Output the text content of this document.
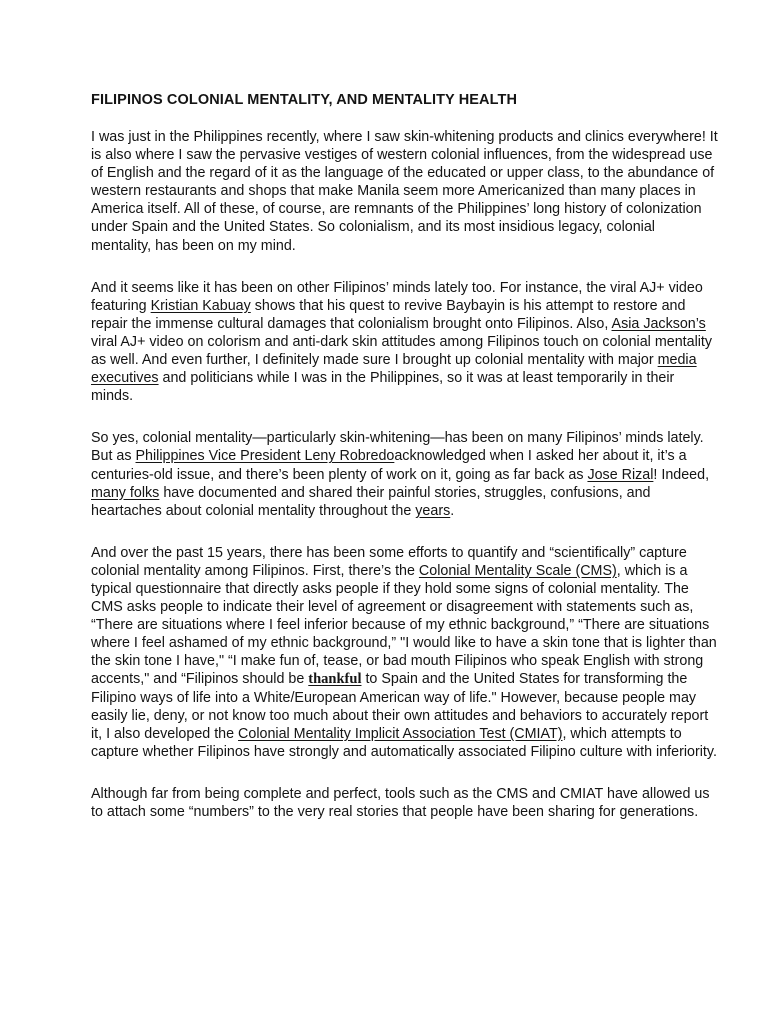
FILIPINOS COLONIAL MENTALITY, AND MENTALITY HEALTH

I was just in the Philippines recently, where I saw skin-whitening products and clinics everywhere! It is also where I saw the pervasive vestiges of western colonial influences, from the widespread use of English and the regard of it as the language of the educated or upper class, to the abundance of western restaurants and shops that make Manila seem more Americanized than many places in America itself. All of these, of course, are remnants of the Philippines’ long history of colonization under Spain and the United States. So colonialism, and its most insidious legacy, colonial mentality, has been on my mind.

And it seems like it has been on other Filipinos’ minds lately too. For instance, the viral AJ+ video featuring Kristian Kabuay shows that his quest to revive Baybayin is his attempt to restore and repair the immense cultural damages that colonialism brought onto Filipinos. Also, Asia Jackson’s viral AJ+ video on colorism and anti-dark skin attitudes among Filipinos touch on colonial mentality as well. And even further, I definitely made sure I brought up colonial mentality with major media executives and politicians while I was in the Philippines, so it was at least temporarily in their minds.

So yes, colonial mentality—particularly skin-whitening—has been on many Filipinos’ minds lately. But as Philippines Vice President Leny Robredoacknowledged when I asked her about it, it’s a centuries-old issue, and there’s been plenty of work on it, going as far back as Jose Rizal! Indeed, many folks have documented and shared their painful stories, struggles, confusions, and heartaches about colonial mentality throughout the years.

And over the past 15 years, there has been some efforts to quantify and “scientifically” capture colonial mentality among Filipinos. First, there’s the Colonial Mentality Scale (CMS), which is a typical questionnaire that directly asks people if they hold some signs of colonial mentality. The CMS asks people to indicate their level of agreement or disagreement with statements such as, “There are situations where I feel inferior because of my ethnic background,” “There are situations where I feel ashamed of my ethnic background,” "I would like to have a skin tone that is lighter than the skin tone I have," “I make fun of, tease, or bad mouth Filipinos who speak English with strong accents," and “Filipinos should be thankful to Spain and the United States for transforming the Filipino ways of life into a White/European American way of life." However, because people may easily lie, deny, or not know too much about their own attitudes and behaviors to accurately report it, I also developed the Colonial Mentality Implicit Association Test (CMIAT), which attempts to capture whether Filipinos have strongly and automatically associated Filipino culture with inferiority.

Although far from being complete and perfect, tools such as the CMS and CMIAT have allowed us to attach some “numbers” to the very real stories that people have been sharing for generations.
